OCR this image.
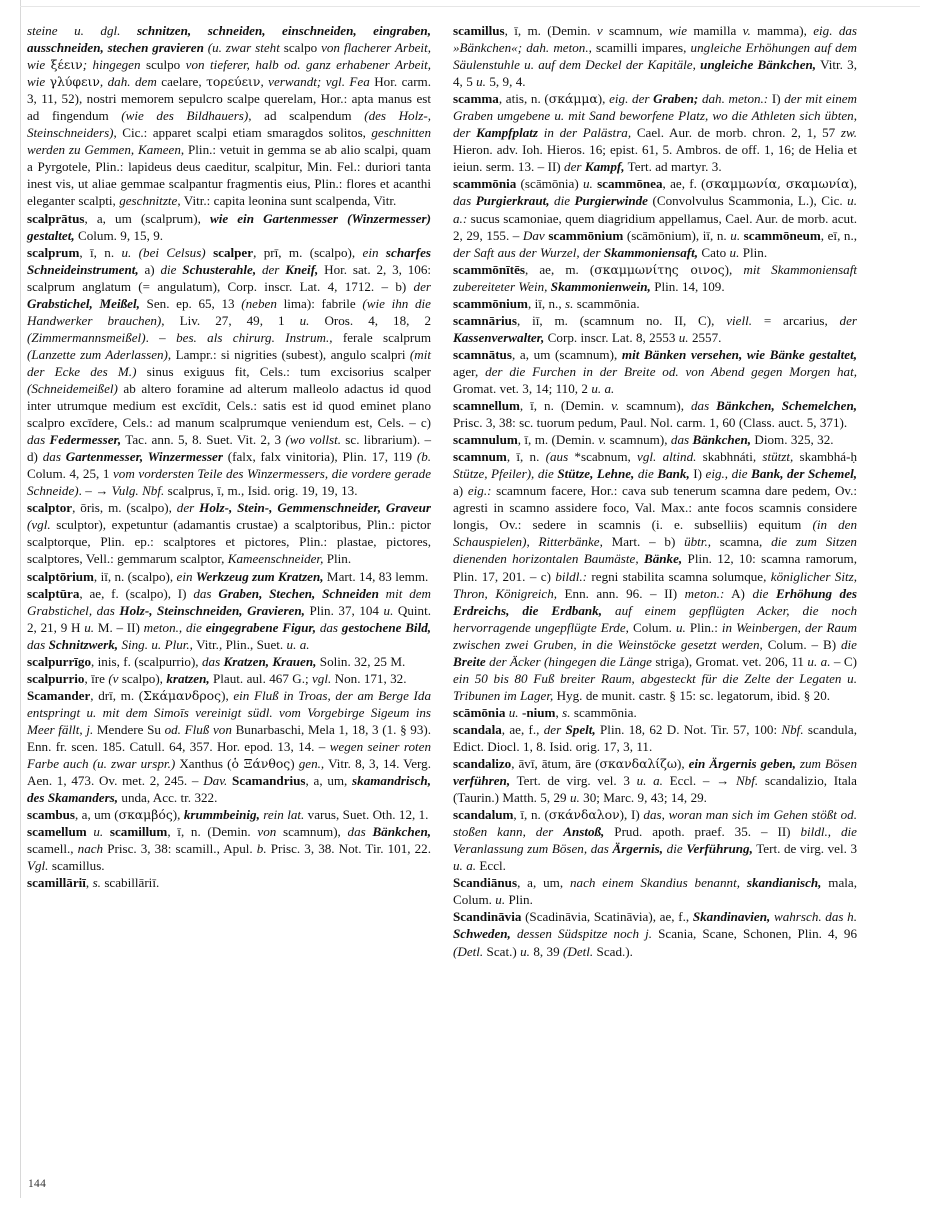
steine u. dgl. schnitzen, schneiden, einschneiden, eingraben, ausschneiden, stechen gravieren (u. zwar steht scalpo von flacherer Arbeit, wie ξέειν; hingegen sculpo von tieferer, halb od. ganz erhabener Arbeit, wie γλύφειν, dah. dem caelare, τορεύειν, verwandt; vgl. Fea Hor. carm. 3, 11, 52), nostri memorem sepulcro scalpe querelam, Hor.: apta manus est ad fingendum (wie des Bildhauers), ad scalpendum (des Holz-, Steinschneiders), Cic.: apparet scalpi etiam smaragdos solitos, geschnitten werden zu Gemmen, Kameen, Plin.: vetuit in gemma se ab alio scalpi, quam a Pyrgotele, Plin.: lapideus deus caeditur, scalpitur, Min. Fel.: duriori tanta inest vis, ut aliae gemmae scalpantur fragmentis eius, Plin.: flores et acanthi eleganter scalpti, geschnitzte, Vitr.: capita leonina sunt scalpenda, Vitr.

scalprātus, a, um (scalprum), wie ein Gartenmesser (Winzermesser) gestaltet, Colum. 9, 15, 9.

scalprum, ī, n. u. (bei Celsus) scalper, prī, m. (scalpo), ein scharfes Schneideinstrument, a) die Schusterahle, der Kneif, Hor. sat. 2, 3, 106: scalprum anglatum (= angulatum), Corp. inscr. Lat. 4, 1712. – b) der Grabstichel, Meißel, Sen. ep. 65, 13 (neben lima): fabrile (wie ihn die Handwerker brauchen), Liv. 27, 49, 1 u. Oros. 4, 18, 2 (Zimmermannsmeißel). – bes. als chirurg. Instrum., ferale scalprum (Lanzette zum Aderlassen), Lampr.: si nigrities (subest), angulo scalpri (mit der Ecke des M.) sinus exiguus fit, Cels.: tum excisorius scalper (Schneidemeißel) ab altero foramine ad alterum malleolo adactus id quod inter utrumque medium est excīdit, Cels.: satis est id quod eminet plano scalpro excīdere, Cels.: ad manum scalprumque veniendum est, Cels. – c) das Federmesser, Tac. ann. 5, 8. Suet. Vit. 2, 3 (wo vollst. sc. librarium). – d) das Gartenmesser, Winzermesser (falx, falx vinitoria), Plin. 17, 119 (b. Colum. 4, 25, 1 vom vordersten Teile des Winzermessers, die vordere gerade Schneide). – → Vulg. Nbf. scalprus, ī, m., Isid. orig. 19, 19, 13.

scalptor, ōris, m. (scalpo), der Holz-, Stein-, Gemmenschneider, Graveur (vgl. sculptor), expetuntur (adamantis crustae) a scalptoribus, Plin.: pictor scalptorque, Plin. ep.: scalptores et pictores, Plin.: plastae, pictores, scalptores, Vell.: gemmarum scalptor, Kameenschneider, Plin.

scalptōrium, iī, n. (scalpo), ein Werkzeug zum Kratzen, Mart. 14, 83 lemm.

scalptūra, ae, f. (scalpo), I) das Graben, Stechen, Schneiden mit dem Grabstichel, das Holz-, Steinschneiden, Gravieren, Plin. 37, 104 u. Quint. 2, 21, 9 H u. M. – II) meton., die eingegrabene Figur, das gestochene Bild, das Schnitzwerk, Sing. u. Plur., Vitr., Plin., Suet. u. a.

scalpurrīgo, inis, f. (scalpurrio), das Kratzen, Krauen, Solin. 32, 25 M.

scalpurrio, īre (v scalpo), kratzen, Plaut. aul. 467 G.; vgl. Non. 171, 32.

Scamander, drī, m. (Σκάμανδρος), ein Fluß in Troas, der am Berge Ida entspringt u. mit dem Simoīs vereinigt südl. vom Vorgebirge Sigeum ins Meer fällt, j. Mendere Su od. Fluß von Bunarbaschi, Mela 1, 18, 3 (1. § 93). Enn. fr. scen. 185. Catull. 64, 357. Hor. epod. 13, 14. – wegen seiner roten Farbe auch (u. zwar urspr.) Xanthus (ὁ Ξάνθος) gen., Vitr. 8, 3, 14. Verg. Aen. 1, 473. Ov. met. 2, 245. – Dav. Scamandrius, a, um, skamandrisch, des Skamanders, unda, Acc. tr. 322.

scambus, a, um (σκαμβός), krummbeinig, rein lat. varus, Suet. Oth. 12, 1.

scamellum u. scamillum, ī, n. (Demin. von scamnum), das Bänkchen, scamell., nach Prisc. 3, 38: scamill., Apul. b. Prisc. 3, 38. Not. Tir. 101, 22. Vgl. scamillus.

scamillāriī, s. scabillāriī.

scamillus, ī, m. (Demin. v scamnum, wie mamilla v. mamma), eig. das »Bänkchen«; dah. meton., scamilli impares, ungleiche Erhöhungen auf dem Säulenstuhle u. auf dem Deckel der Kapitäle, ungleiche Bänkchen, Vitr. 3, 4, 5 u. 5, 9, 4.

scamma, atis, n. (σκάμμα), eig. der Graben; dah. meton.: I) der mit einem Graben umgebene u. mit Sand beworfene Platz, wo die Athleten sich übten, der Kampfplatz in der Palästra, Cael. Aur. de morb. chron. 2, 1, 57 zw. Hieron. adv. Ioh. Hieros. 16; epist. 61, 5. Ambros. de off. 1, 16; de Helia et ieiun. serm. 13. – II) der Kampf, Tert. ad martyr. 3.

scammōnia (scāmōnia) u. scammōnea, ae, f. (σκαμμωνία, σκαμωνία), das Purgierkraut, die Purgierwinde (Convolvulus Scammonia, L.), Cic. u. a.: sucus scamoniae, quem diagridium appellamus, Cael. Aur. de morb. acut. 2, 29, 155. – Dav scammōnium (scāmōnium), iī, n. u. scammōneum, eī, n., der Saft aus der Wurzel, der Skammoniensaft, Cato u. Plin.

scammōnītēs, ae, m. (σκαμμωνίτης οινος), mit Skammoniensaft zubereiteter Wein, Skammonienwein, Plin. 14, 109.

scammōnium, iī, n., s. scammōnia.

scamnārius, iī, m. (scamnum no. II, C), viell. = arcarius, der Kassenverwalter, Corp. inscr. Lat. 8, 2553 u. 2557.

scamnātus, a, um (scamnum), mit Bänken versehen, wie Bänke gestaltet, ager, der die Furchen in der Breite od. von Abend gegen Morgen hat, Gromat. vet. 3, 14; 110, 2 u. a.

scamnellum, ī, n. (Demin. v. scamnum), das Bänkchen, Schemelchen, Prisc. 3, 38: sc. tuorum pedum, Paul. Nol. carm. 1, 60 (Class. auct. 5, 371).

scamnulum, ī, m. (Demin. v. scamnum), das Bänkchen, Diom. 325, 32.

scamnum, ī, n. (aus *scabnum, vgl. altind. skabhnáti, stützt, skambhá-ḥ Stütze, Pfeiler), die Stütze, Lehne, die Bank, I) eig., die Bank, der Schemel, a) eig.: scamnum facere, Hor.: cava sub tenerum scamna dare pedem, Ov.: agresti in scamno assidere foco, Val. Max.: ante focos scamnis considere longis, Ov.: sedere in scamnis (i. e. subselliis) equitum (in den Schauspielen), Ritterbänke, Mart. – b) übtr., scamna, die zum Sitzen dienenden horizontalen Baumäste, Bänke, Plin. 12, 10: scamna ramorum, Plin. 17, 201. – c) bildl.: regni stabilita scamna solumque, königlicher Sitz, Thron, Königreich, Enn. ann. 96. – II) meton.: A) die Erhöhung des Erdreichs, die Erdbank, auf einem gepflügten Acker, die noch hervorragende ungepflügte Erde, Colum. u. Plin.: in Weinbergen, der Raum zwischen zwei Gruben, in die Weinstöcke gesetzt werden, Colum. – B) die Breite der Äcker (hingegen die Länge striga), Gromat. vet. 206, 11 u. a. – C) ein 50 bis 80 Fuß breiter Raum, abgesteckt für die Zelte der Legaten u. Tribunen im Lager, Hyg. de munit. castr. § 15: sc. legatorum, ibid. § 20.

scāmōnia u. -nium, s. scammōnia.

scandala, ae, f., der Spelt, Plin. 18, 62 D. Not. Tir. 57, 100: Nbf. scandula, Edict. Diocl. 1, 8. Isid. orig. 17, 3, 11.

scandalizo, āvī, ātum, āre (σκανδαλίζω), ein Ärgernis geben, zum Bösen verführen, Tert. de virg. vel. 3 u. a. Eccl. – → Nbf. scandalizio, Itala (Taurin.) Matth. 5, 29 u. 30; Marc. 9, 43; 14, 29.

scandalum, ī, n. (σκάνδαλον), I) das, woran man sich im Gehen stößt od. stoßen kann, der Anstoß, Prud. apoth. praef. 35. – II) bildl., die Veranlassung zum Bösen, das Ärgernis, die Verführung, Tert. de virg. vel. 3 u. a. Eccl.

Scandiānus, a, um, nach einem Skandius benannt, skandianisch, mala, Colum. u. Plin.

Scandināvia (Scadināvia, Scatināvia), ae, f., Skandinavien, wahrsch. das h. Schweden, dessen Südspitze noch j. Scania, Scane, Schonen, Plin. 4, 96 (Detl. Scat.) u. 8, 39 (Detl. Scad.).

144
